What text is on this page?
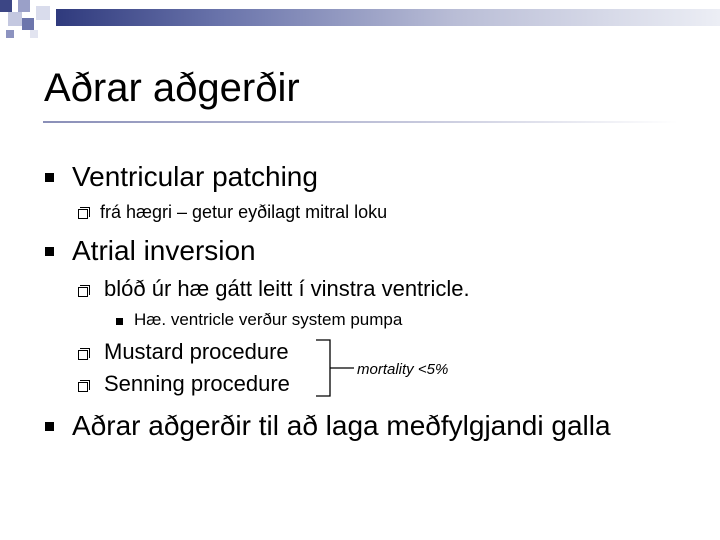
Aðrar aðgerðir
Ventricular patching
frá hægri – getur eyðilagt mitral loku
Atrial inversion
blóð úr hæ gátt leitt í vinstra ventricle.
Hæ. ventricle verður system pumpa
Mustard procedure
Senning procedure
mortality <5%
Aðrar aðgerðir til að laga meðfylgjandi galla
